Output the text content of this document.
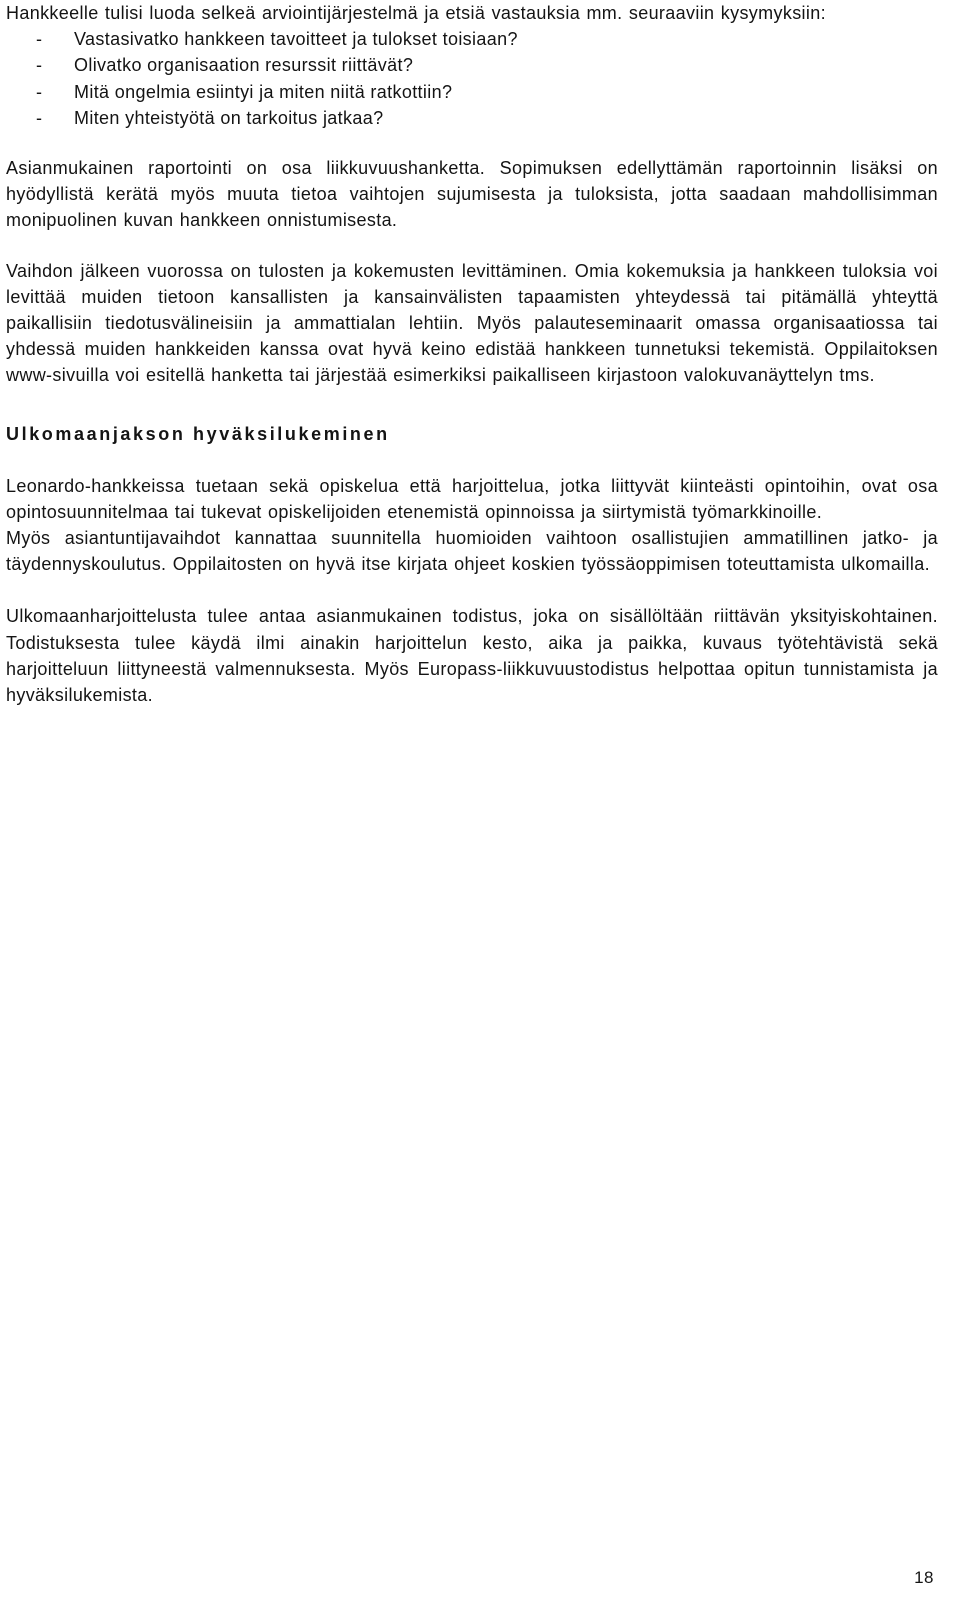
Hankkeelle tulisi luoda selkeä arviointijärjestelmä ja etsiä vastauksia mm. seuraaviin kysymyksiin:

- Vastasivatko hankkeen tavoitteet ja tulokset toisiaan?
- Olivatko organisaation resurssit riittävät?
- Mitä ongelmia esiintyi ja miten niitä ratkottiin?
- Miten yhteistyötä on tarkoitus jatkaa?

Asianmukainen raportointi on osa liikkuvuushanketta. Sopimuksen edellyttämän raportoinnin lisäksi on hyödyllistä kerätä myös muuta tietoa vaihtojen sujumisesta ja tuloksista, jotta saadaan mahdollisimman monipuolinen kuvan hankkeen onnistumisesta.

Vaihdon jälkeen vuorossa on tulosten ja kokemusten levittäminen. Omia kokemuksia ja hankkeen tuloksia voi levittää muiden tietoon kansallisten ja kansainvälisten tapaamisten yhteydessä tai pitämällä yhteyttä paikallisiin tiedotusvälineisiin ja ammattialan lehtiin. Myös palauteseminaarit omassa organisaatiossa tai yhdessä muiden hankkeiden kanssa ovat hyvä keino edistää hankkeen tunnetuksi tekemistä. Oppilaitoksen www-sivuilla voi esitellä hanketta tai järjestää esimerkiksi paikalliseen kirjastoon valokuvanäyttelyn tms.

Ulkomaanjakson hyväksilukeminen

Leonardo-hankkeissa tuetaan sekä opiskelua että harjoittelua, jotka liittyvät kiinteästi opintoihin, ovat osa opintosuunnitelmaa tai tukevat opiskelijoiden etenemistä opinnoissa ja siirtymistä työmarkkinoille.

Myös asiantuntijavaihdot kannattaa suunnitella huomioiden vaihtoon osallistujien ammatillinen jatko- ja täydennyskoulutus. Oppilaitosten on hyvä itse kirjata ohjeet koskien työssäoppimisen toteuttamista ulkomailla.

Ulkomaanharjoittelusta tulee antaa asianmukainen todistus, joka on sisällöltään riittävän yksityiskohtainen. Todistuksesta tulee käydä ilmi ainakin harjoittelun kesto, aika ja paikka, kuvaus työtehtävistä sekä harjoitteluun liittyneestä valmennuksesta. Myös Europass-liikkuvuustodistus helpottaa opitun tunnistamista ja hyväksilukemista.

18
